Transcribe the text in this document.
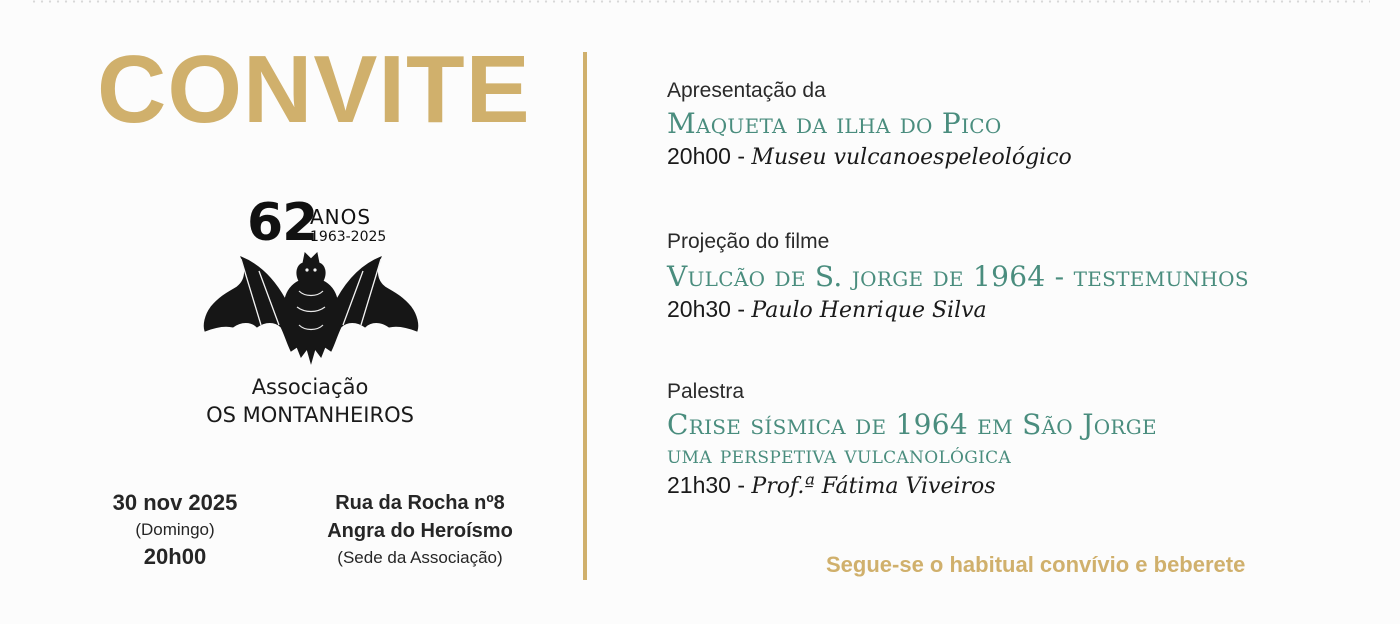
CONVITE
62
ANOS
1963-2025
Associação
OS MONTANHEIROS
30 nov 2025
(Domingo)
20h00
Rua da Rocha nº8
Angra do Heroísmo
(Sede da Associação)
Apresentação da
Maqueta da ilha do Pico
20h00 - Museu vulcanoespeleológico
Projeção do filme
Vulcão de S. jorge de 1964 - testemunhos
20h30 - Paulo Henrique Silva
Palestra
Crise sísmica de 1964 em São Jorge
uma perspetiva vulcanológica
21h30 - Prof.ª Fátima Viveiros
Segue-se o habitual convívio e beberete
